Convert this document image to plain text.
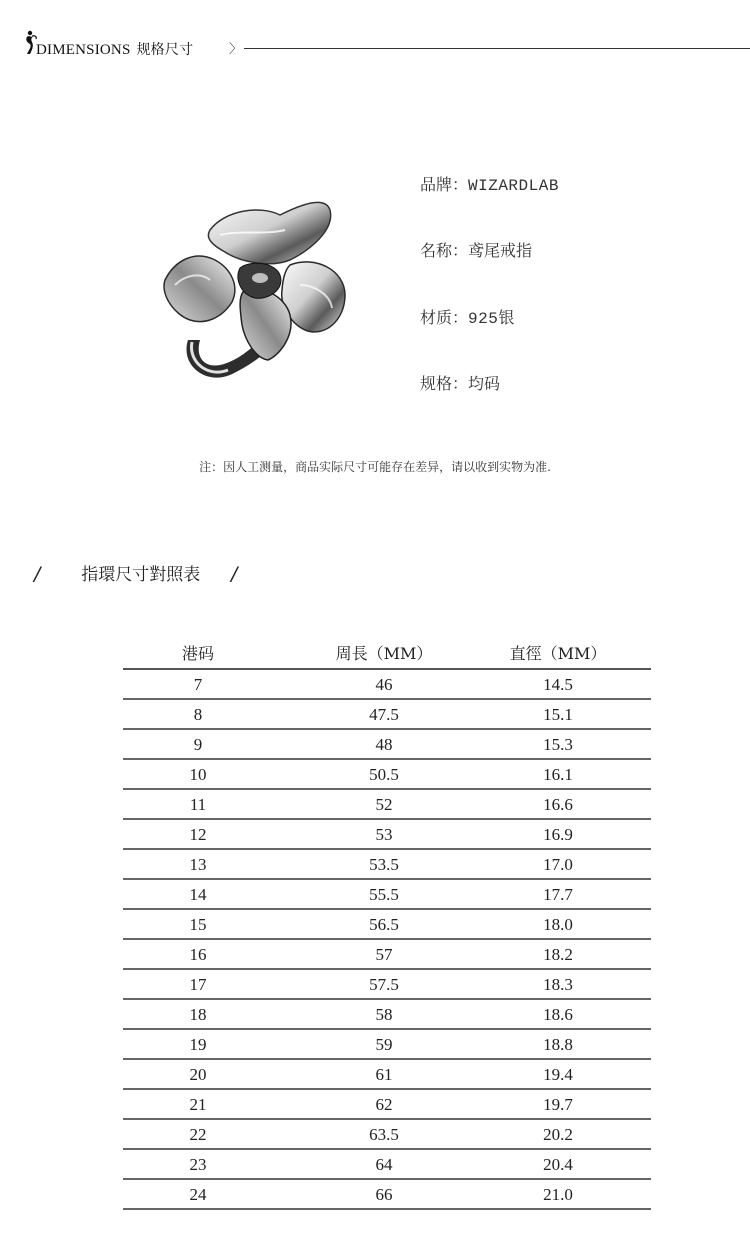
DIMENSIONS 规格尺寸	〉
品牌：WIZARDLAB
名称：鸢尾戒指
材质：925银
规格：均码
注：因人工测量，商品实际尺寸可能存在差异，请以收到实物为准.
/ 指環尺寸對照表 /
港码	周長（MM）	直徑（MM）
7	46	14.5
8	47.5	15.1
9	48	15.3
10	50.5	16.1
11	52	16.6
12	53	16.9
13	53.5	17.0
14	55.5	17.7
15	56.5	18.0
16	57	18.2
17	57.5	18.3
18	58	18.6
19	59	18.8
20	61	19.4
21	62	19.7
22	63.5	20.2
23	64	20.4
24	66	21.0
